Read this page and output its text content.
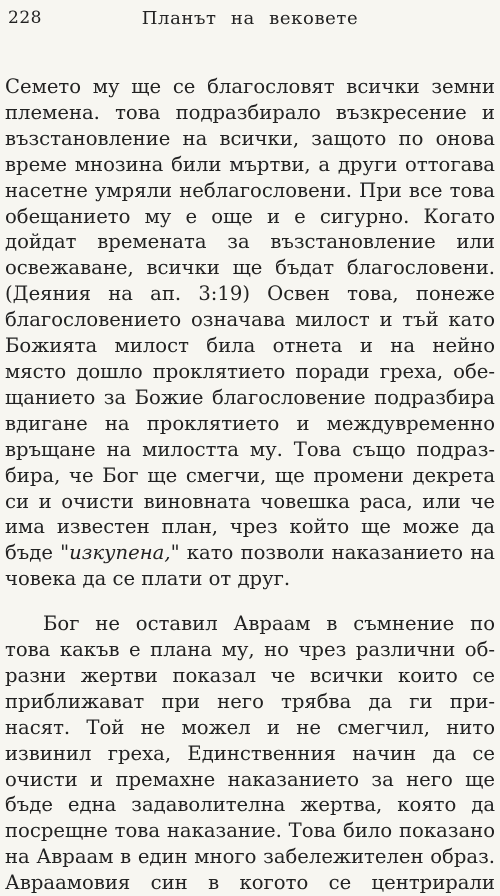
228	Планът на вековете
Семето му ще се благословят всички земни
племена. това подразбирало възкресение и
възстановление на всички, защото по онова
време мнозина били мъртви, а други оттогава
насетне умряли неблагословени. При все това
обещанието му е още и е сигурно. Когато
дойдат времената за възстановление или
освежаване, всички ще бъдат благословени.
(Деяния на ап. 3:19) Освен това, понеже
благословението означава милост и тъй като
Божията милост била отнета и на нейно
място дошло проклятието поради греха, обе-
щанието за Божие благословение подразбира
вдигане на проклятието и междувременно
връщане на милостта му. Това също подраз-
бира, че Бог ще смегчи, ще промени декрета
си и очисти виновната човешка раса, или че
има известен план, чрез който ще може да
бъде "изкупена," като позволи наказанието на
човека да се плати от друг.
Бог не оставил Авраам в съмнение по
това какъв е плана му, но чрез различни об-
разни жертви показал че всички които се
приближават при него трябва да ги при-
насят. Той не можел и не смегчил, нито
извинил греха, Единственния начин да се
очисти и премахне наказанието за него ще
бъде една задаволителна жертва, която да
посрещне това наказание. Това било показано
на Авраам в един много забележителен образ.
Авраамовия син в когото се центрирали
